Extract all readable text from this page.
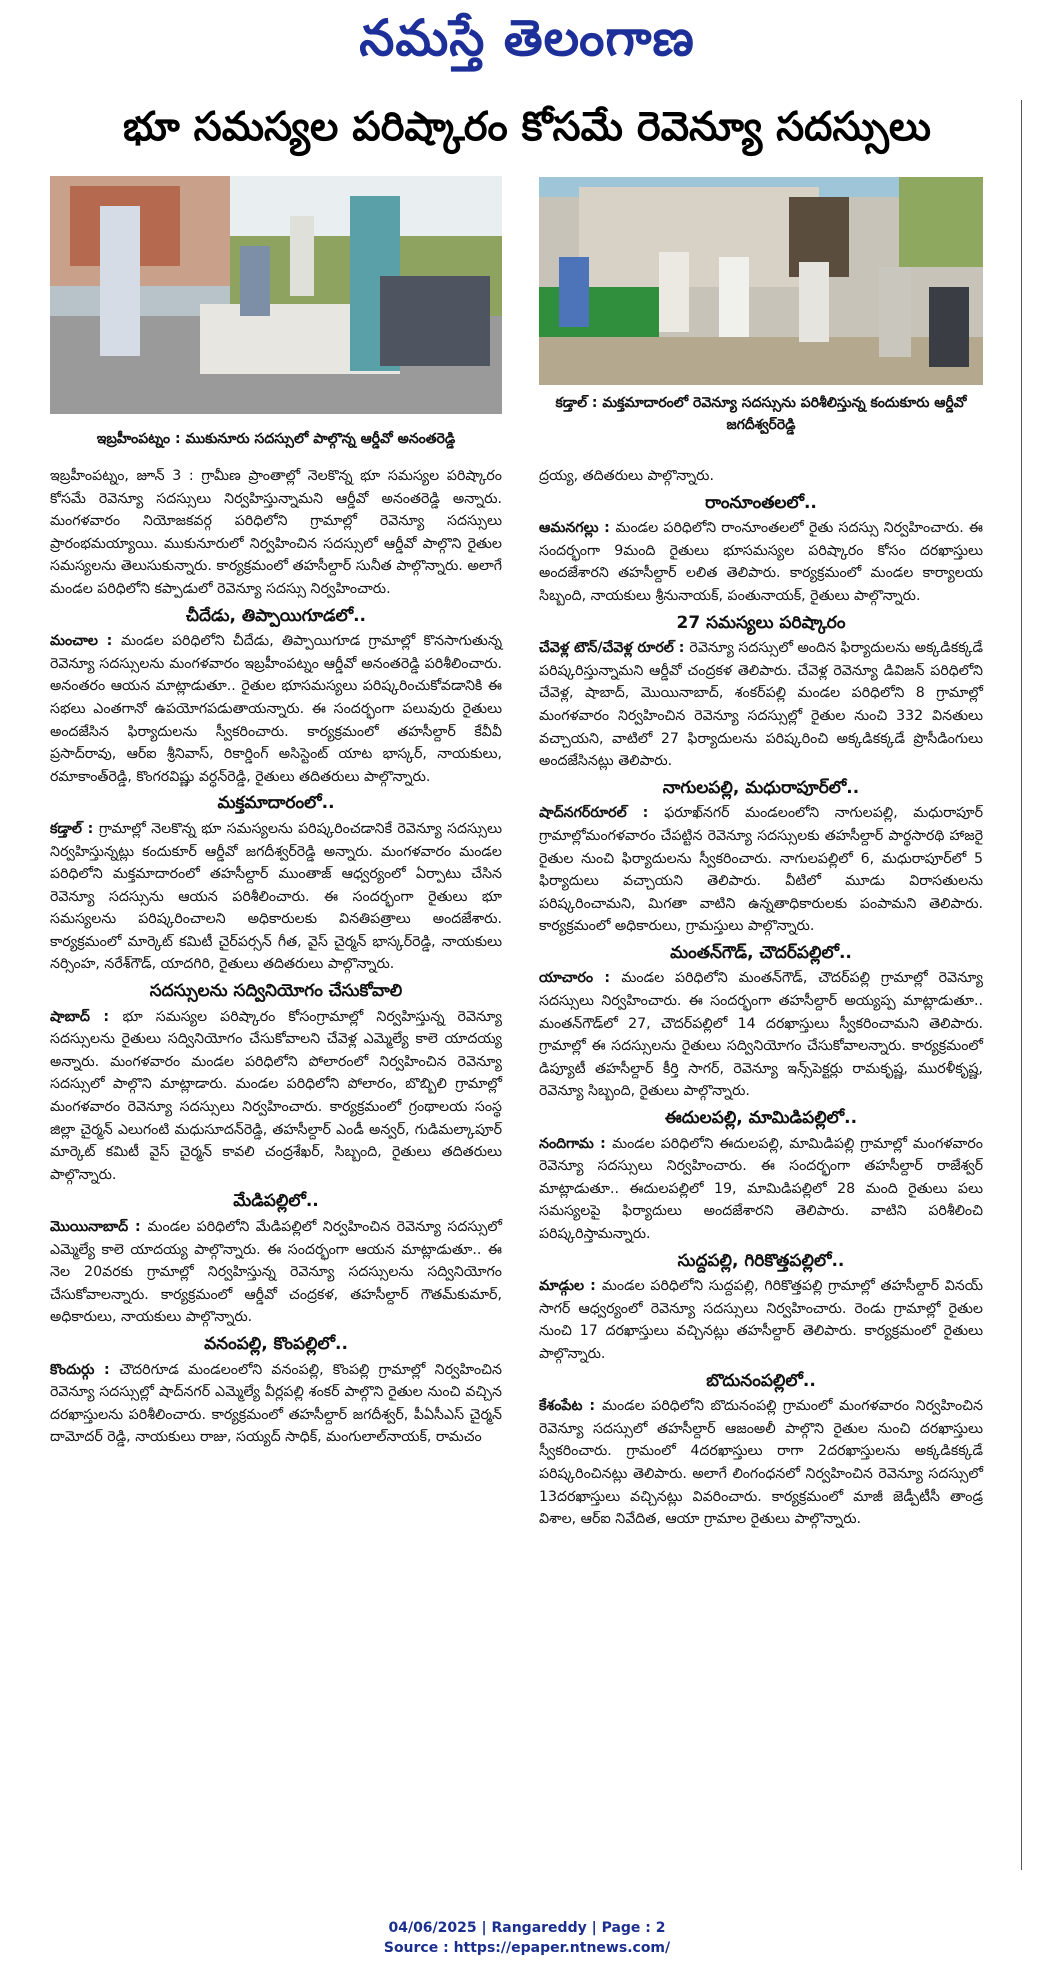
నమస్తే తెలంగాణ
భూ సమస్యల పరిష్కారం కోసమే రెవెన్యూ సదస్సులు
ఇబ్రహీంపట్నం : ముకునూరు సదస్సులో పాల్గొన్న ఆర్డీవో అనంతరెడ్డి
కడ్తాల్ : మక్తమాదారంలో రెవెన్యూ సదస్సును పరిశీలిస్తున్న కందుకూరు ఆర్డీవో జగదీశ్వర్‌రెడ్డి

ఇబ్రహీంపట్నం, జూన్ 3 : గ్రామీణ ప్రాంతాల్లో నెలకొన్న భూ సమస్యల పరిష్కారం కోసమే రెవెన్యూ సదస్సులు నిర్వహిస్తున్నామని ఆర్డీవో అనంతరెడ్డి అన్నారు. మంగళవారం నియోజకవర్గ పరిధిలోని గ్రామాల్లో రెవెన్యూ సదస్సులు ప్రారంభమయ్యాయి. ముకునూరులో నిర్వహించిన సదస్సులో ఆర్డీవో పాల్గొని రైతుల సమస్యలను తెలుసుకున్నారు. కార్యక్రమంలో తహసీల్దార్ సునీత పాల్గొన్నారు. అలాగే మండల పరిధిలోని కప్పాడులో రెవెన్యూ సదస్సు నిర్వహించారు.

చీదేడు, తిప్పాయిగూడలో..

మంచాల : మండల పరిధిలోని చీదేడు, తిప్పాయిగూడ గ్రామాల్లో కొనసాగుతున్న రెవెన్యూ సదస్సులను మంగళవారం ఇబ్రహీంపట్నం ఆర్డీవో అనంతరెడ్డి పరిశీలించారు. అనంతరం ఆయన మాట్లాడుతూ.. రైతుల భూసమస్యలు పరిష్కరించుకోవడానికి ఈ సభలు ఎంతగానో ఉపయోగపడుతాయన్నారు. ఈ సందర్భంగా పలువురు రైతులు అందజేసిన ఫిర్యాదులను స్వీకరించారు. కార్యక్రమంలో తహసీల్దార్ కేవీవీ ప్రసాద్‌రావు, ఆర్ఐ శ్రీనివాస్, రికార్డింగ్ అసిస్టెంట్ యాట భాస్కర్, నాయకులు, రమాకాంత్‌రెడ్డి, కొంగరవిష్ణు వర్ధన్‌రెడ్డి, రైతులు తదితరులు పాల్గొన్నారు.

మక్తమాదారంలో..

కడ్తాల్ : గ్రామాల్లో నెలకొన్న భూ సమస్యలను పరిష్కరించడానికే రెవెన్యూ సదస్సులు నిర్వహిస్తున్నట్లు కందుకూర్ ఆర్డీవో జగదీశ్వర్‌రెడ్డి అన్నారు. మంగళవారం మండల పరిధిలోని మక్తమాదారంలో తహసీల్దార్ ముంతాజ్ ఆధ్వర్యంలో ఏర్పాటు చేసిన రెవెన్యూ సదస్సును ఆయన పరిశీలించారు. ఈ సందర్భంగా రైతులు భూ సమస్యలను పరిష్కరించాలని అధికారులకు వినతిపత్రాలు అందజేశారు. కార్యక్రమంలో మార్కెట్ కమిటీ చైర్‌పర్సన్ గీత, వైస్ చైర్మన్ భాస్కర్‌రెడ్డి, నాయకులు నర్సింహ, నరేశ్‌గౌడ్, యాదగిరి, రైతులు తదితరులు పాల్గొన్నారు.

సదస్సులను సద్వినియోగం చేసుకోవాలి

షాబాద్ : భూ సమస్యల పరిష్కారం కోసంగ్రామాల్లో నిర్వహిస్తున్న రెవెన్యూ సదస్సులను రైతులు సద్వినియోగం చేసుకోవాలని చేవెళ్ల ఎమ్మెల్యే కాలె యాదయ్య అన్నారు. మంగళవారం మండల పరిధిలోని పోలారంలో నిర్వహించిన రెవెన్యూ సదస్సులో పాల్గొని మాట్లాడారు. మండల పరిధిలోని పోలారం, బొబ్బిలి గ్రామాల్లో మంగళవారం రెవెన్యూ సదస్సులు నిర్వహించారు. కార్యక్రమంలో గ్రంథాలయ సంస్థ జిల్లా చైర్మన్ ఎలుగంటి మధుసూదన్‌రెడ్డి, తహసీల్దార్ ఎండీ అన్వర్, గుడిమల్కాపూర్ మార్కెట్ కమిటీ వైస్ చైర్మన్ కావలి చంద్రశేఖర్, సిబ్బంది, రైతులు తదితరులు పాల్గొన్నారు.

మేడిపల్లిలో..

మొయినాబాద్ : మండల పరిధిలోని మేడిపల్లిలో నిర్వహించిన రెవెన్యూ సదస్సులో ఎమ్మెల్యే కాలె యాదయ్య పాల్గొన్నారు. ఈ సందర్భంగా ఆయన మాట్లాడుతూ.. ఈ నెల 20వరకు గ్రామాల్లో నిర్వహిస్తున్న రెవెన్యూ సదస్సులను సద్వినియోగం చేసుకోవాలన్నారు. కార్యక్రమంలో ఆర్డీవో చంద్రకళ, తహసీల్దార్ గౌతమ్‌కుమార్, అధికారులు, నాయకులు పాల్గొన్నారు.

వనంపల్లి, కొంపల్లిలో..

కొందుర్గు : చౌదరిగూడ మండలంలోని వనంపల్లి, కొంపల్లి గ్రామాల్లో నిర్వహించిన రెవెన్యూ సదస్సుల్లో షాద్‌నగర్ ఎమ్మెల్యే వీర్లపల్లి శంకర్ పాల్గొని రైతుల నుంచి వచ్చిన దరఖాస్తులను పరిశీలించారు. కార్యక్రమంలో తహసీల్దార్ జగదీశ్వర్, పీఏసీఎస్ చైర్మన్ దామోదర్ రెడ్డి, నాయకులు రాజు, సయ్యద్ సాధిక్, మంగులాల్‌నాయక్, రామచం

ద్రయ్య, తదితరులు పాల్గొన్నారు.

రాంనూంతలలో..

ఆమనగల్లు : మండల పరిధిలోని రాంనూంతలలో రైతు సదస్సు నిర్వహించారు. ఈ సందర్భంగా 9మంది రైతులు భూసమస్యల పరిష్కారం కోసం దరఖాస్తులు అందజేశారని తహసీల్దార్ లలిత తెలిపారు. కార్యక్రమంలో మండల కార్యాలయ సిబ్బంది, నాయకులు శ్రీనునాయక్, పంతునాయక్, రైతులు పాల్గొన్నారు.

27 సమస్యలు పరిష్కారం

చేవెళ్ల టౌన్/చేవెళ్ల రూరల్ : రెవెన్యూ సదస్సులో అందిన ఫిర్యాదులను అక్కడికక్కడే పరిష్కరిస్తున్నామని ఆర్డీవో చంద్రకళ తెలిపారు. చేవెళ్ల రెవెన్యూ డివిజన్ పరిధిలోని చేవెళ్ల, షాబాద్, మొయినాబాద్, శంకర్‌పల్లి మండల పరిధిలోని 8 గ్రామాల్లో మంగళవారం నిర్వహించిన రెవెన్యూ సదస్సుల్లో రైతుల నుంచి 332 వినతులు వచ్చాయని, వాటిలో 27 ఫిర్యాదులను పరిష్కరించి అక్కడికక్కడే ప్రొసీడింగులు అందజేసినట్లు తెలిపారు.

నాగులపల్లి, మధురాపూర్‌లో..

షాద్‌నగర్‌రూరల్ : ఫరూఖ్‌నగర్ మండలంలోని నాగులపల్లి, మధురాపూర్ గ్రామాల్లోమంగళవారం చేపట్టిన రెవెన్యూ సదస్సులకు తహసీల్దార్ పార్థసారథి హాజరై రైతుల నుంచి ఫిర్యాదులను స్వీకరించారు. నాగులపల్లిలో 6, మధురాపూర్‌లో 5 ఫిర్యాదులు వచ్చాయని తెలిపారు. వీటిలో మూడు విరాసతులను పరిష్కరించామని, మిగతా వాటిని ఉన్నతాధికారులకు పంపామని తెలిపారు. కార్యక్రమంలో అధికారులు, గ్రామస్తులు పాల్గొన్నారు.

మంతన్‌గౌడ్, చౌదర్‌పల్లిలో..

యాచారం : మండల పరిధిలోని మంతన్‌గౌడ్, చౌదర్‌పల్లి గ్రామాల్లో రెవెన్యూ సదస్సులు నిర్వహించారు. ఈ సందర్భంగా తహసీల్దార్ అయ్యప్ప మాట్లాడుతూ.. మంతన్‌గౌడ్‌లో 27, చౌదర్‌పల్లిలో 14 దరఖాస్తులు స్వీకరించామని తెలిపారు. గ్రామాల్లో ఈ సదస్సులను రైతులు సద్వినియోగం చేసుకోవాలన్నారు. కార్యక్రమంలో డిప్యూటీ తహసీల్దార్ కీర్తి సాగర్, రెవెన్యూ ఇన్స్‌పెక్టర్లు రామకృష్ణ, మురళీకృష్ణ, రెవెన్యూ సిబ్బంది, రైతులు పాల్గొన్నారు.

ఈదులపల్లి, మామిడిపల్లిలో..

నందిగామ : మండల పరిధిలోని ఈదులపల్లి, మామిడిపల్లి గ్రామాల్లో మంగళవారం రెవెన్యూ సదస్సులు నిర్వహించారు. ఈ సందర్భంగా తహసీల్దార్ రాజేశ్వర్ మాట్లాడుతూ.. ఈదులపల్లిలో 19, మామిడిపల్లిలో 28 మంది రైతులు పలు సమస్యలపై ఫిర్యాదులు అందజేశారని తెలిపారు. వాటిని పరిశీలించి పరిష్కరిస్తామన్నారు.

సుద్దపల్లి, గిరికొత్తపల్లిలో..

మాడ్గుల : మండల పరిధిలోని సుద్దపల్లి, గిరికొత్తపల్లి గ్రామాల్లో తహసీల్దార్ వినయ్ సాగర్ ఆధ్వర్యంలో రెవెన్యూ సదస్సులు నిర్వహించారు. రెండు గ్రామాల్లో రైతుల నుంచి 17 దరఖాస్తులు వచ్చినట్లు తహసీల్దార్ తెలిపారు. కార్యక్రమంలో రైతులు పాల్గొన్నారు.

బొదునంపల్లిలో..

కేశంపేట : మండల పరిధిలోని బొదునంపల్లి గ్రామంలో మంగళవారం నిర్వహించిన రెవెన్యూ సదస్సులో తహసీల్దార్ ఆజంఅలీ పాల్గొని రైతుల నుంచి దరఖాస్తులు స్వీకరించారు. గ్రామంలో 4దరఖాస్తులు రాగా 2దరఖాస్తులను అక్కడికక్కడే పరిష్కరించినట్లు తెలిపారు. అలాగే లింగంధనలో నిర్వహించిన రెవెన్యూ సదస్సులో 13దరఖాస్తులు వచ్చినట్లు వివరించారు. కార్యక్రమంలో మాజీ జెడ్పీటీసీ తాండ్ర విశాల, ఆర్ఐ నివేదిత, ఆయా గ్రామాల రైతులు పాల్గొన్నారు.

04/06/2025 | Rangareddy | Page : 2
Source : https://epaper.ntnews.com/
